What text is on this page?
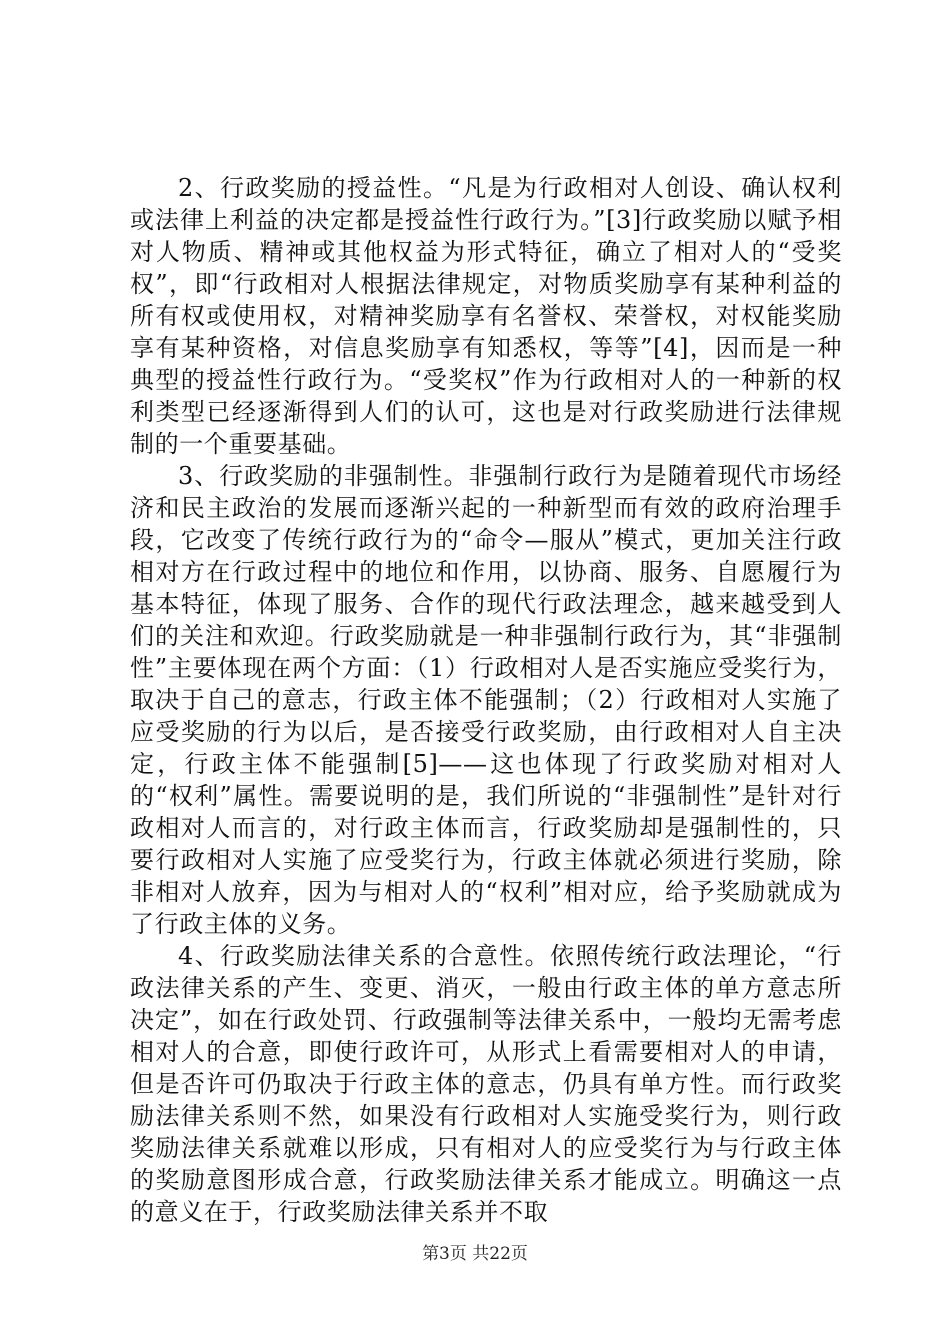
2、行政奖励的授益性。“凡是为行政相对人创设、确认权利或法律上利益的决定都是授益性行政行为。”[3]行政奖励以赋予相对人物质、精神或其他权益为形式特征，确立了相对人的“受奖权”，即“行政相对人根据法律规定，对物质奖励享有某种利益的所有权或使用权，对精神奖励享有名誉权、荣誉权，对权能奖励享有某种资格，对信息奖励享有知悉权，等等”[4]，因而是一种典型的授益性行政行为。“受奖权”作为行政相对人的一种新的权利类型已经逐渐得到人们的认可，这也是对行政奖励进行法律规制的一个重要基础。

3、行政奖励的非强制性。非强制行政行为是随着现代市场经济和民主政治的发展而逐渐兴起的一种新型而有效的政府治理手段，它改变了传统行政行为的“命令—服从”模式，更加关注行政相对方在行政过程中的地位和作用，以协商、服务、自愿履行为基本特征，体现了服务、合作的现代行政法理念，越来越受到人们的关注和欢迎。行政奖励就是一种非强制行政行为，其“非强制性”主要体现在两个方面：（1）行政相对人是否实施应受奖行为，取决于自己的意志，行政主体不能强制；（2）行政相对人实施了应受奖励的行为以后，是否接受行政奖励，由行政相对人自主决定，行政主体不能强制[5]——这也体现了行政奖励对相对人的“权利”属性。需要说明的是，我们所说的“非强制性”是针对行政相对人而言的，对行政主体而言，行政奖励却是强制性的，只要行政相对人实施了应受奖行为，行政主体就必须进行奖励，除非相对人放弃，因为与相对人的“权利”相对应，给予奖励就成为了行政主体的义务。

4、行政奖励法律关系的合意性。依照传统行政法理论，“行政法律关系的产生、变更、消灭，一般由行政主体的单方意志所决定”，如在行政处罚、行政强制等法律关系中，一般均无需考虑相对人的合意，即使行政许可，从形式上看需要相对人的申请，但是否许可仍取决于行政主体的意志，仍具有单方性。而行政奖励法律关系则不然，如果没有行政相对人实施受奖行为，则行政奖励法律关系就难以形成，只有相对人的应受奖行为与行政主体的奖励意图形成合意，行政奖励法律关系才能成立。明确这一点的意义在于，行政奖励法律关系并不取

第3页 共22页
